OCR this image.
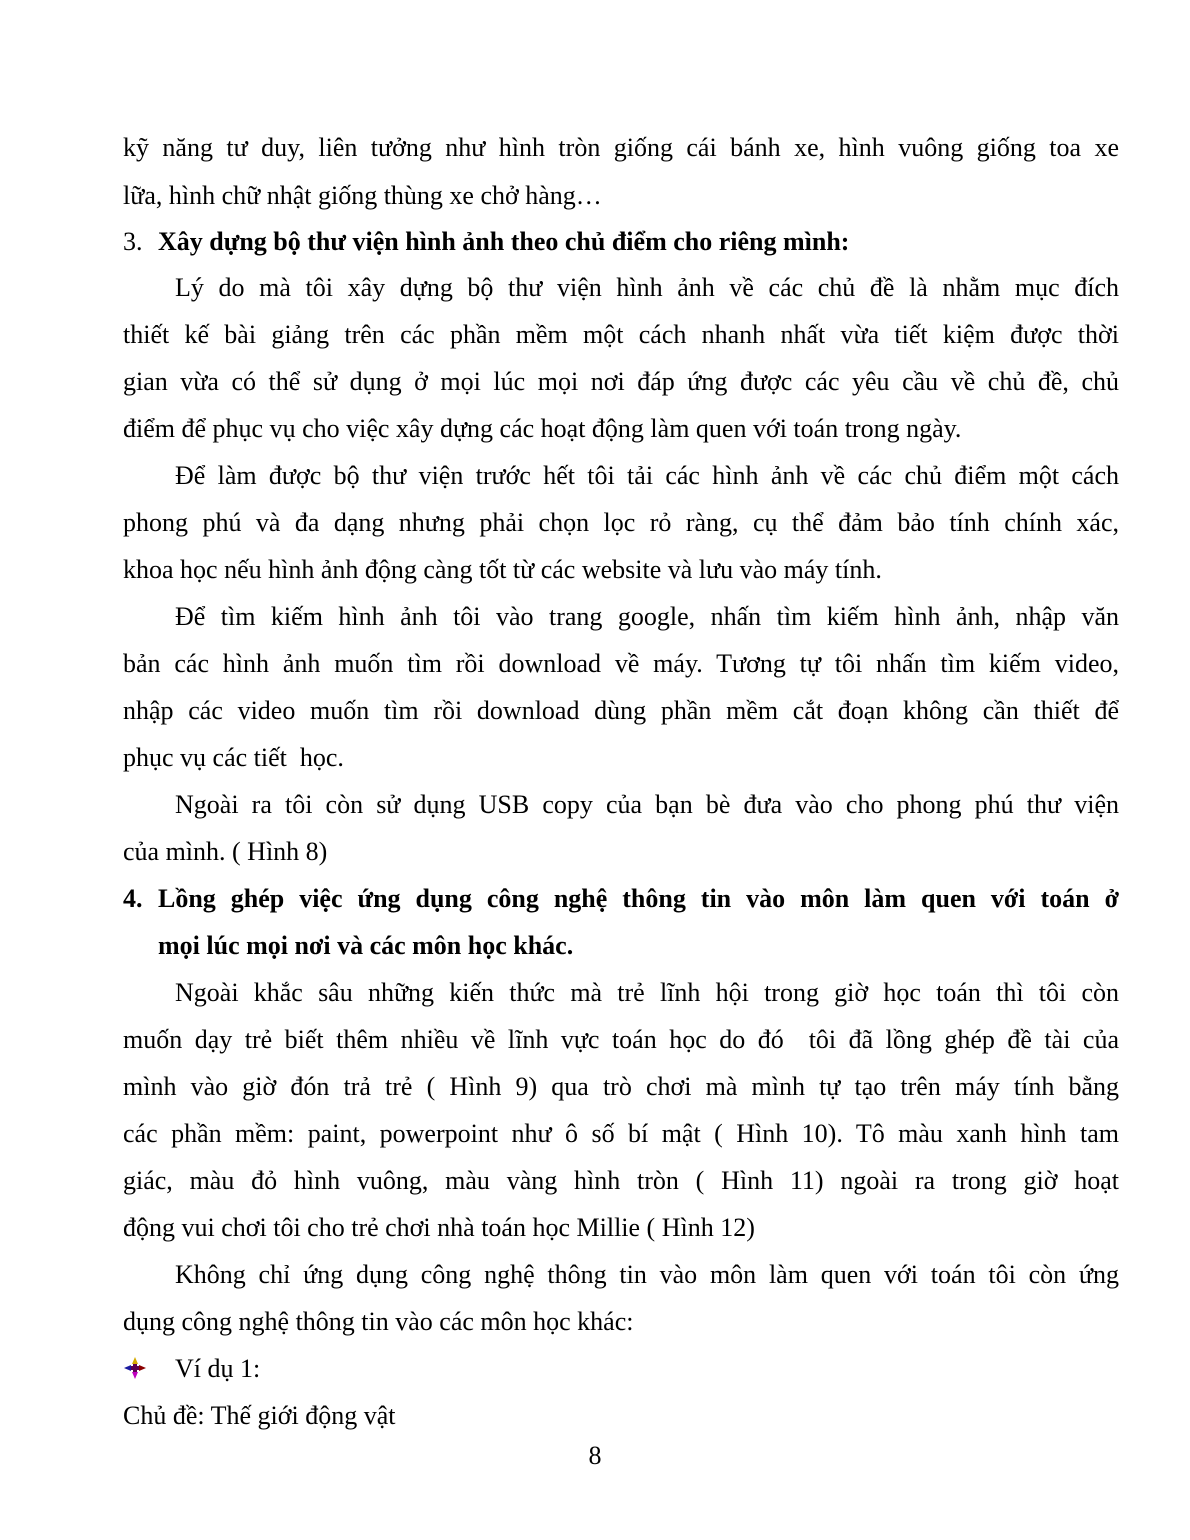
kỹ năng tư duy, liên tưởng như hình tròn giống cái bánh xe, hình vuông giống toa xe
lữa, hình chữ nhật giống thùng xe chở hàng…
3. Xây dựng bộ thư viện hình ảnh theo chủ điểm cho riêng mình:
Lý do mà tôi xây dựng bộ thư viện hình ảnh về các chủ đề là nhằm mục đích
thiết kế bài giảng trên các phần mềm một cách nhanh nhất vừa tiết kiệm được thời
gian vừa có thể sử dụng ở mọi lúc mọi nơi đáp ứng được các yêu cầu về chủ đề, chủ
điểm để phục vụ cho việc xây dựng các hoạt động làm quen với toán trong ngày.
Để làm được bộ thư viện trước hết tôi tải các hình ảnh về các chủ điểm một cách
phong phú và đa dạng nhưng phải chọn lọc rỏ ràng, cụ thể đảm bảo tính chính xác,
khoa học nếu hình ảnh động càng tốt từ các website và lưu vào máy tính.
Để tìm kiếm hình ảnh tôi vào trang google, nhấn tìm kiếm hình ảnh, nhập văn
bản các hình ảnh muốn tìm rồi download về máy. Tương tự tôi nhấn tìm kiếm video,
nhập các video muốn tìm rồi download dùng phần mềm cắt đoạn không cần thiết để
phục vụ các tiết  học.
Ngoài ra tôi còn sử dụng USB copy của bạn bè đưa vào cho phong phú thư viện
của mình. ( Hình 8)
4. Lồng ghép việc ứng dụng công nghệ thông tin vào môn làm quen với toán ở
mọi lúc mọi nơi và các môn học khác.
Ngoài khắc sâu những kiến thức mà trẻ lĩnh hội trong giờ học toán thì tôi còn
muốn dạy trẻ biết thêm nhiều về lĩnh vực toán học do đó  tôi đã lồng ghép đề tài của
mình vào giờ đón trả trẻ ( Hình 9) qua trò chơi mà mình tự tạo trên máy tính bằng
các phần mềm: paint, powerpoint như ô số bí mật ( Hình 10). Tô màu xanh hình tam
giác, màu đỏ hình vuông, màu vàng hình tròn ( Hình 11) ngoài ra trong giờ hoạt
động vui chơi tôi cho trẻ chơi nhà toán học Millie ( Hình 12)
Không chỉ ứng dụng công nghệ thông tin vào môn làm quen với toán tôi còn ứng
dụng công nghệ thông tin vào các môn học khác:
Ví dụ 1:
Chủ đề: Thế giới động vật
8
